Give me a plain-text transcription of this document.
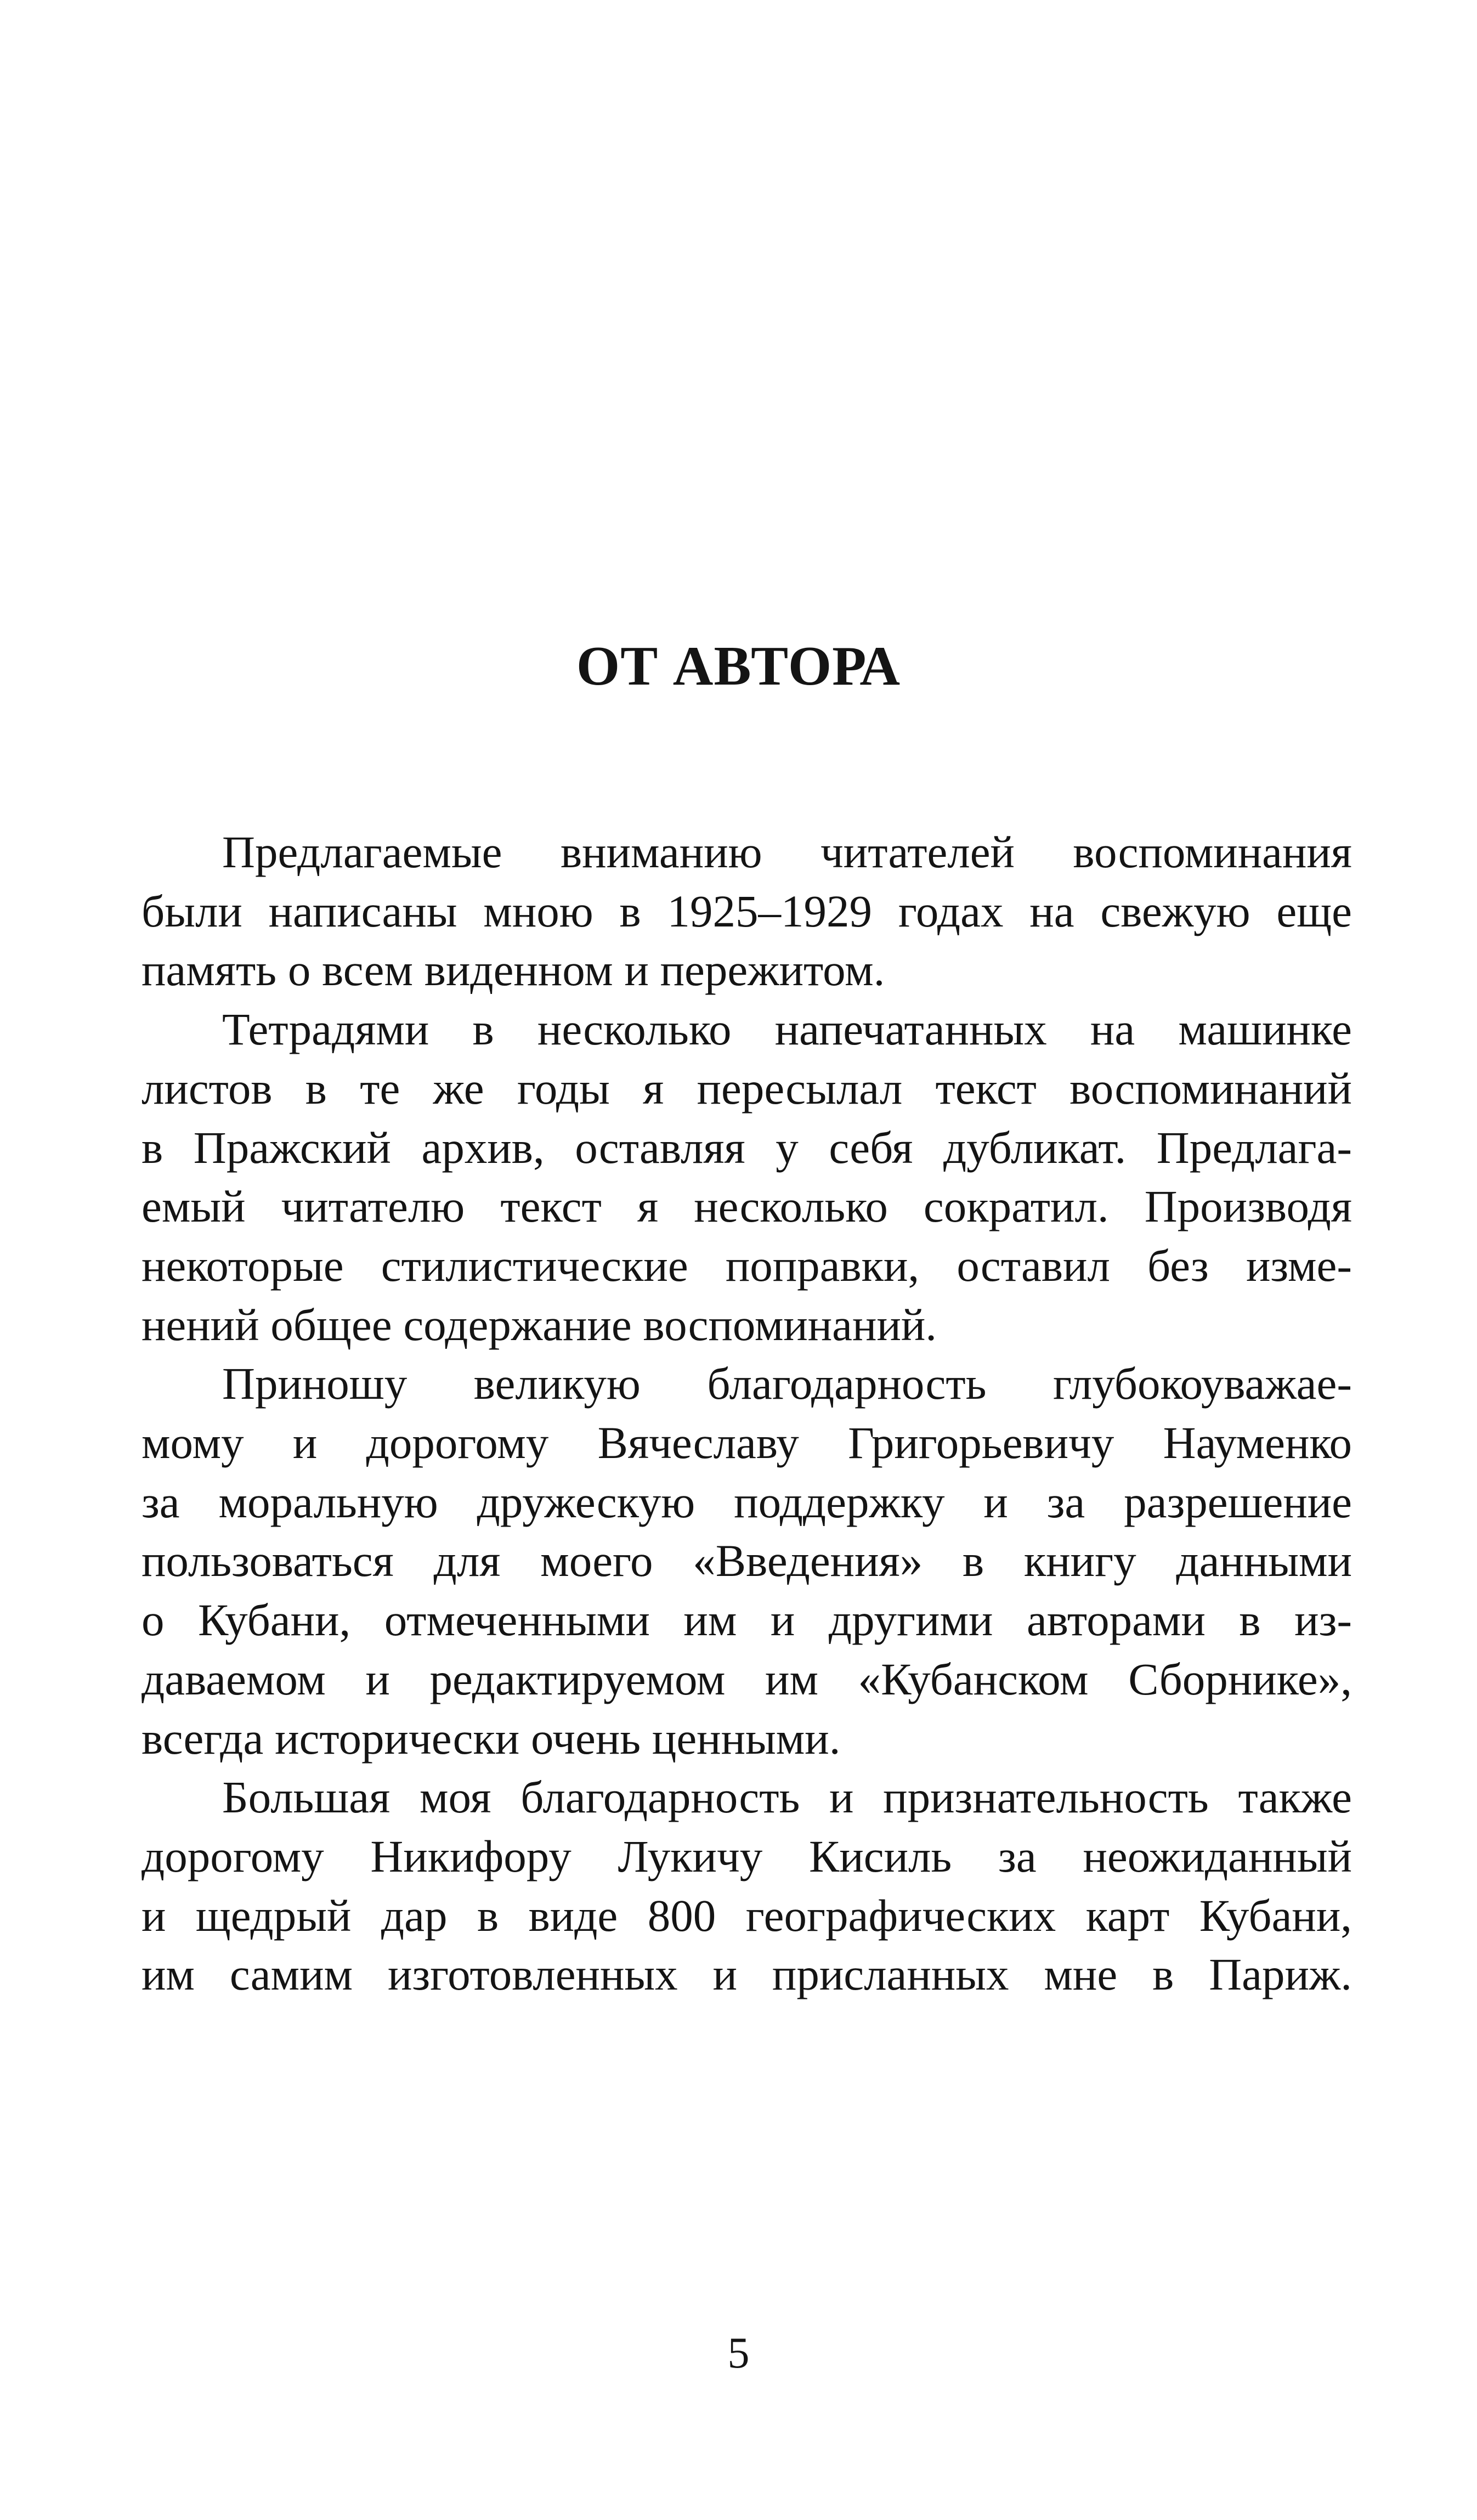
ОТ АВТОРА

Предлагаемые вниманию читателей воспоминания
были написаны мною в 1925–1929 годах на свежую еще
память о всем виденном и пережитом.

Тетрадями в несколько напечатанных на машинке
листов в те же годы я пересылал текст воспоминаний
в Пражский архив, оставляя у себя дубликат. Предлага-
емый читателю текст я несколько сократил. Производя
некоторые стилистические поправки, оставил без изме-
нений общее содержание воспоминаний.

Приношу великую благодарность глубокоуважае-
мому и дорогому Вячеславу Григорьевичу Науменко
за моральную дружескую поддержку и за разрешение
пользоваться для моего «Введения» в книгу данными
о Кубани, отмеченными им и другими авторами в из-
даваемом и редактируемом им «Кубанском Сборнике»,
всегда исторически очень ценными.

Большая моя благодарность и признательность также
дорогому Никифору Лукичу Кисиль за неожиданный
и щедрый дар в виде 800 географических карт Кубани,
им самим изготовленных и присланных мне в Париж.

5
